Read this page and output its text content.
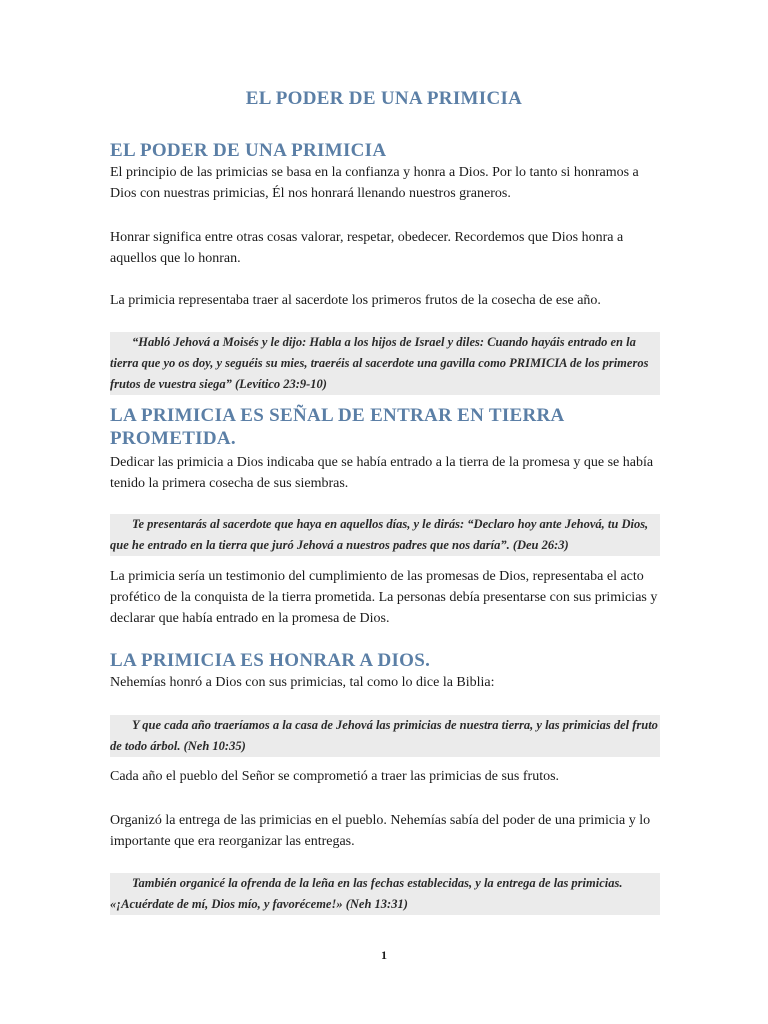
EL PODER DE UNA PRIMICIA
EL PODER DE UNA PRIMICIA

El principio de las primicias se basa en la confianza y honra a Dios. Por lo tanto si honramos a Dios con nuestras primicias, Él nos honrará llenando nuestros graneros.

Honrar significa entre otras cosas valorar, respetar, obedecer. Recordemos que Dios honra a aquellos que lo honran.

La primicia representaba traer al sacerdote los primeros frutos de la cosecha de ese año.

“Habló Jehová a Moisés y le dijo: Habla a los hijos de Israel y diles: Cuando hayáis entrado en la tierra que yo os doy, y seguéis su mies, traeréis al sacerdote una gavilla como PRIMICIA de los primeros frutos de vuestra siega” (Levítico 23:9-10)

LA PRIMICIA ES SEÑAL DE ENTRAR EN TIERRA PROMETIDA.

Dedicar las primicia a Dios indicaba que se había entrado a la tierra de la promesa y que se había tenido la primera cosecha de sus siembras.

Te presentarás al sacerdote que haya en aquellos días, y le dirás: “Declaro hoy ante Jehová, tu Dios, que he entrado en la tierra que juró Jehová a nuestros padres que nos daría”. (Deu 26:3)

La primicia sería un testimonio del cumplimiento de las promesas de Dios, representaba el acto profético de la conquista de la tierra prometida. La personas debía presentarse con sus primicias y declarar que había entrado en la promesa de Dios.

LA PRIMICIA ES HONRAR A DIOS.

Nehemías honró a Dios con sus primicias, tal como lo dice la Biblia:

Y que cada año traeríamos a la casa de Jehová las primicias de nuestra tierra, y las primicias del fruto de todo árbol. (Neh 10:35)

Cada año el pueblo del Señor se comprometió a traer las primicias de sus frutos.

Organizó la entrega de las primicias en el pueblo. Nehemías sabía del poder de una primicia y lo importante que era reorganizar las entregas.

También organicé la ofrenda de la leña en las fechas establecidas, y la entrega de las primicias. «¡Acuérdate de mí, Dios mío, y favoréceme!» (Neh 13:31)

1
